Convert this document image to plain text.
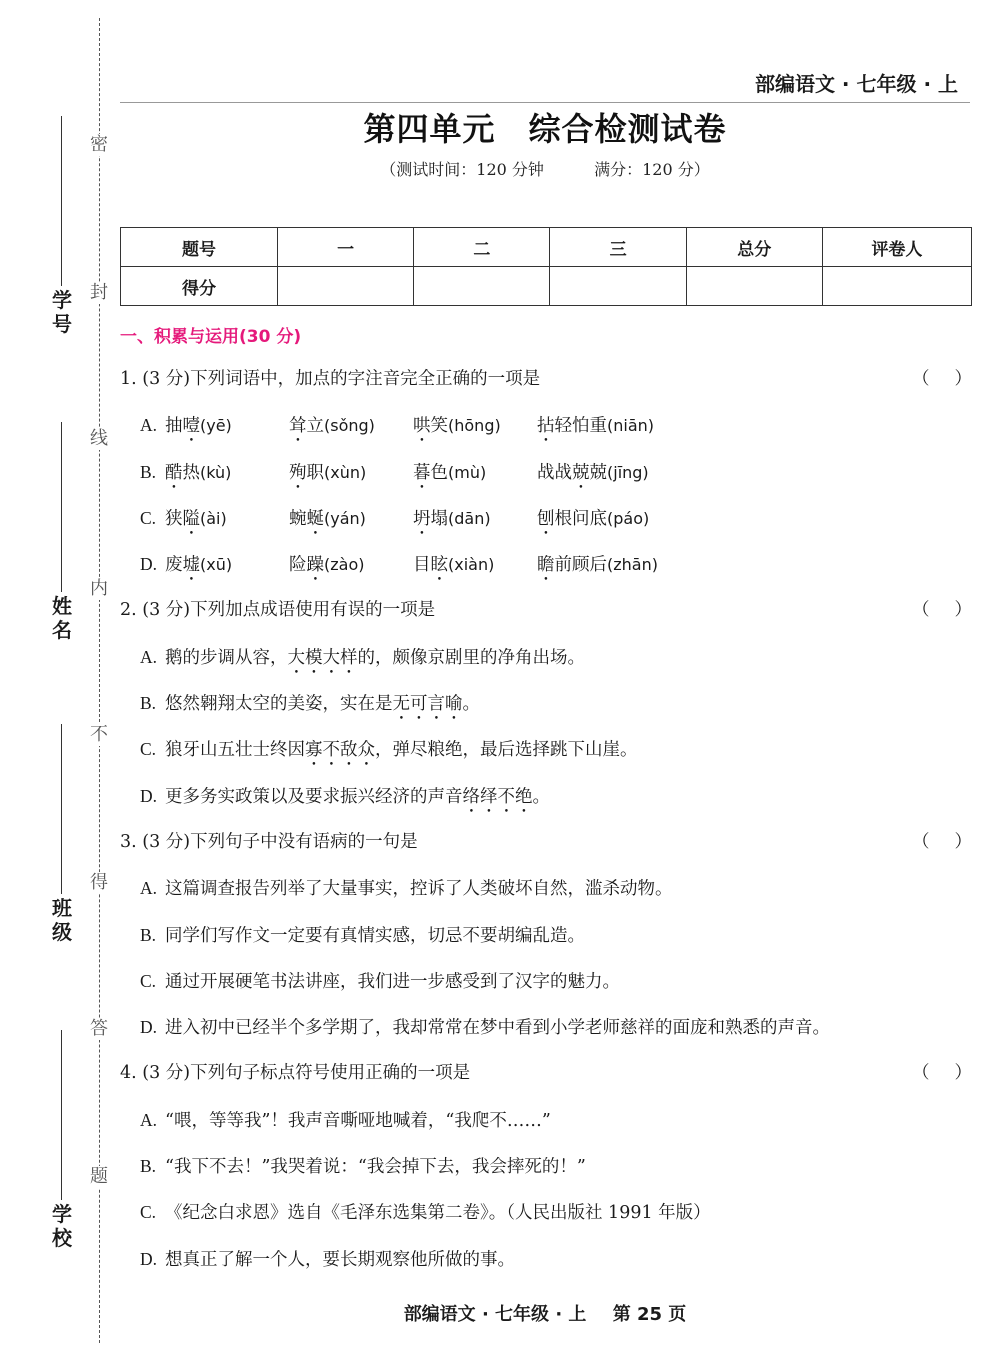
密
封
线
内
不
得
答
题
学号
姓名
班级
学校
部编语文 · 七年级 · 上
第四单元　综合检测试卷
（测试时间：120 分钟	满分：120 分）
题号	一	二	三	总分	评卷人
得分					
一、积累与运用(30 分)
1. (3 分)下列词语中，加点的字注音完全正确的一项是	（ ）
A. 抽噎(yē)	耸立(sǒng) 哄笑(hōng) 拈轻怕重(niān)
B. 酷热(kù)	殉职(xùn)	暮色(mù)	战战兢兢(jīng)
C. 狭隘(ài)	蜿蜒(yán)	坍塌(dān)	刨根问底(páo)
D. 废墟(xū)	险躁(zào)	目眩(xiàn) 瞻前顾后(zhān)
2. (3 分)下列加点成语使用有误的一项是	（ ）
A. 鹅的步调从容，大模大样的，颇像京剧里的净角出场。
B. 悠然翱翔太空的美姿，实在是无可言喻。
C. 狼牙山五壮士终因寡不敌众，弹尽粮绝，最后选择跳下山崖。
D. 更多务实政策以及要求振兴经济的声音络绎不绝。
3. (3 分)下列句子中没有语病的一句是	（ ）
A. 这篇调查报告列举了大量事实，控诉了人类破坏自然，滥杀动物。
B. 同学们写作文一定要有真情实感，切忌不要胡编乱造。
C. 通过开展硬笔书法讲座，我们进一步感受到了汉字的魅力。
D. 进入初中已经半个多学期了，我却常常在梦中看到小学老师慈祥的面庞和熟悉的声音。
4. (3 分)下列句子标点符号使用正确的一项是	（ ）
A. “喂，等等我”！我声音嘶哑地喊着，“我爬不……”
B. “我下不去！”我哭着说：“我会掉下去，我会摔死的！”
C. 《纪念白求恩》选自《毛泽东选集第二卷》。（人民出版社 1991 年版）
D. 想真正了解一个人，要长期观察他所做的事。
部编语文 · 七年级 · 上 第 25 页
